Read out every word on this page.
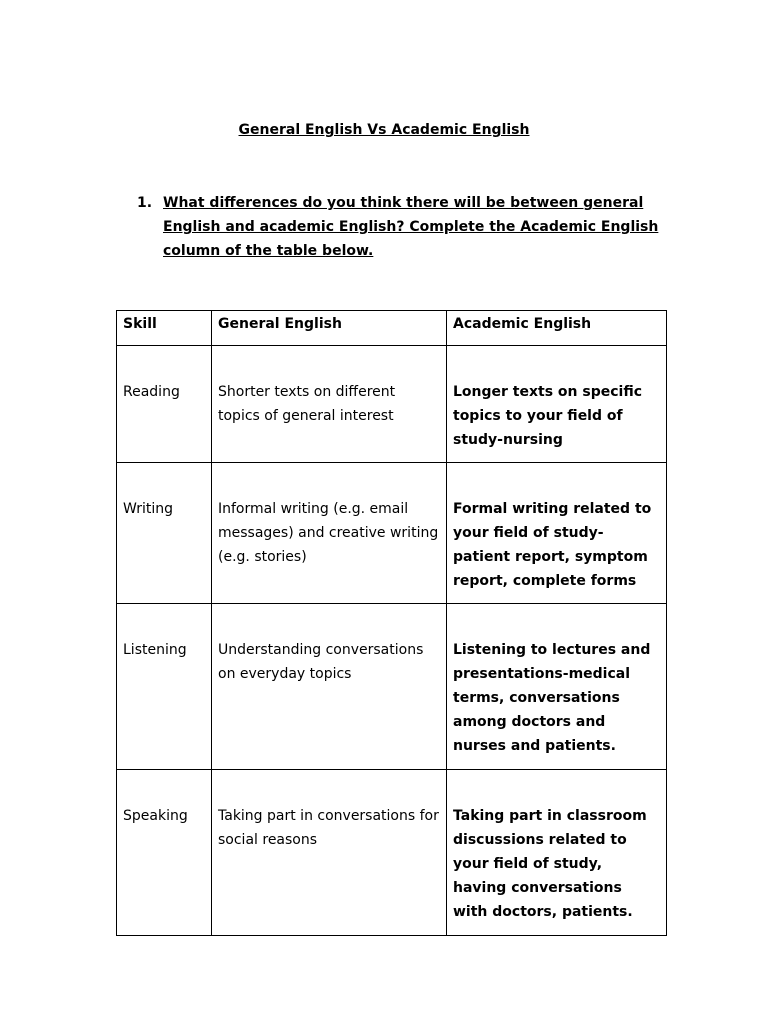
General English Vs Academic English
1. What differences do you think there will be between general
English and academic English? Complete the Academic English
column of the table below.
Skill	General English	Academic English
Reading	Shorter texts on different topics of general interest	Longer texts on specific topics to your field of study-nursing
Writing	Informal writing (e.g. email messages) and creative writing (e.g. stories)	Formal writing related to your field of study-patient report, symptom report, complete forms
Listening	Understanding conversations on everyday topics	Listening to lectures and presentations-medical terms, conversations among doctors and nurses and patients.
Speaking	Taking part in conversations for social reasons	Taking part in classroom discussions related to your field of study, having conversations with doctors, patients.
